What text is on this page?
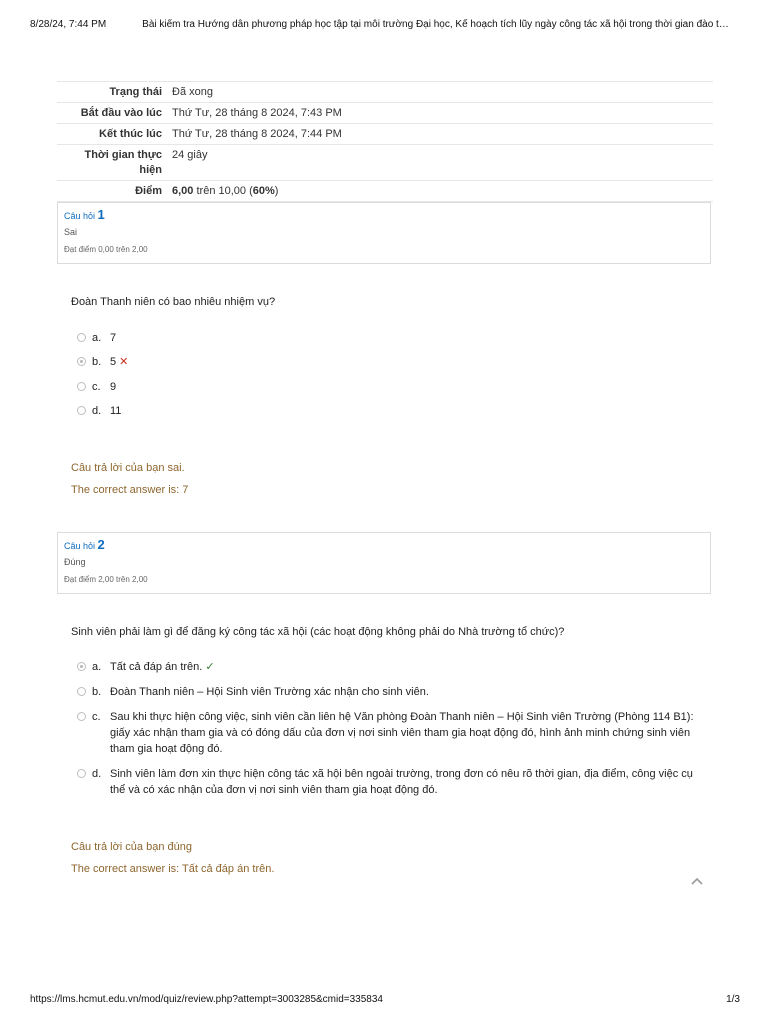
8/28/24, 7:44 PM	Bài kiểm tra Hướng dẫn phương pháp học tập tại môi trường Đại học, Kế hoạch tích lũy ngày công tác xã hội trong thời gian đào t…
Trạng thái	Đã xong
Bắt đầu vào lúc	Thứ Tư, 28 tháng 8 2024, 7:43 PM
Kết thúc lúc	Thứ Tư, 28 tháng 8 2024, 7:44 PM
Thời gian thực hiện	24 giây
Điểm	6,00 trên 10,00 (60%)
Câu hỏi 1
Sai
Đạt điểm 0,00 trên 2,00
Đoàn Thanh niên có bao nhiêu nhiệm vụ?
a. 7
b. 5 ✕
c. 9
d. 11
Câu trả lời của bạn sai.
The correct answer is: 7
Câu hỏi 2
Đúng
Đạt điểm 2,00 trên 2,00
Sinh viên phải làm gì để đăng ký công tác xã hội (các hoạt động không phải do Nhà trường tổ chức)?
a. Tất cả đáp án trên. ✓
b. Đoàn Thanh niên – Hội Sinh viên Trường xác nhận cho sinh viên.
c. Sau khi thực hiện công việc, sinh viên cần liên hệ Văn phòng Đoàn Thanh niên – Hội Sinh viên Trường (Phòng 114 B1): giấy xác nhận tham gia và có đóng dấu của đơn vị nơi sinh viên tham gia hoạt động đó, hình ảnh minh chứng sinh viên tham gia hoạt động đó.
d. Sinh viên làm đơn xin thực hiện công tác xã hội bên ngoài trường, trong đơn có nêu rõ thời gian, địa điểm, công việc cụ thể và có xác nhận của đơn vị nơi sinh viên tham gia hoạt động đó.
Câu trả lời của bạn đúng
The correct answer is: Tất cả đáp án trên.
https://lms.hcmut.edu.vn/mod/quiz/review.php?attempt=3003285&cmid=335834	1/3
